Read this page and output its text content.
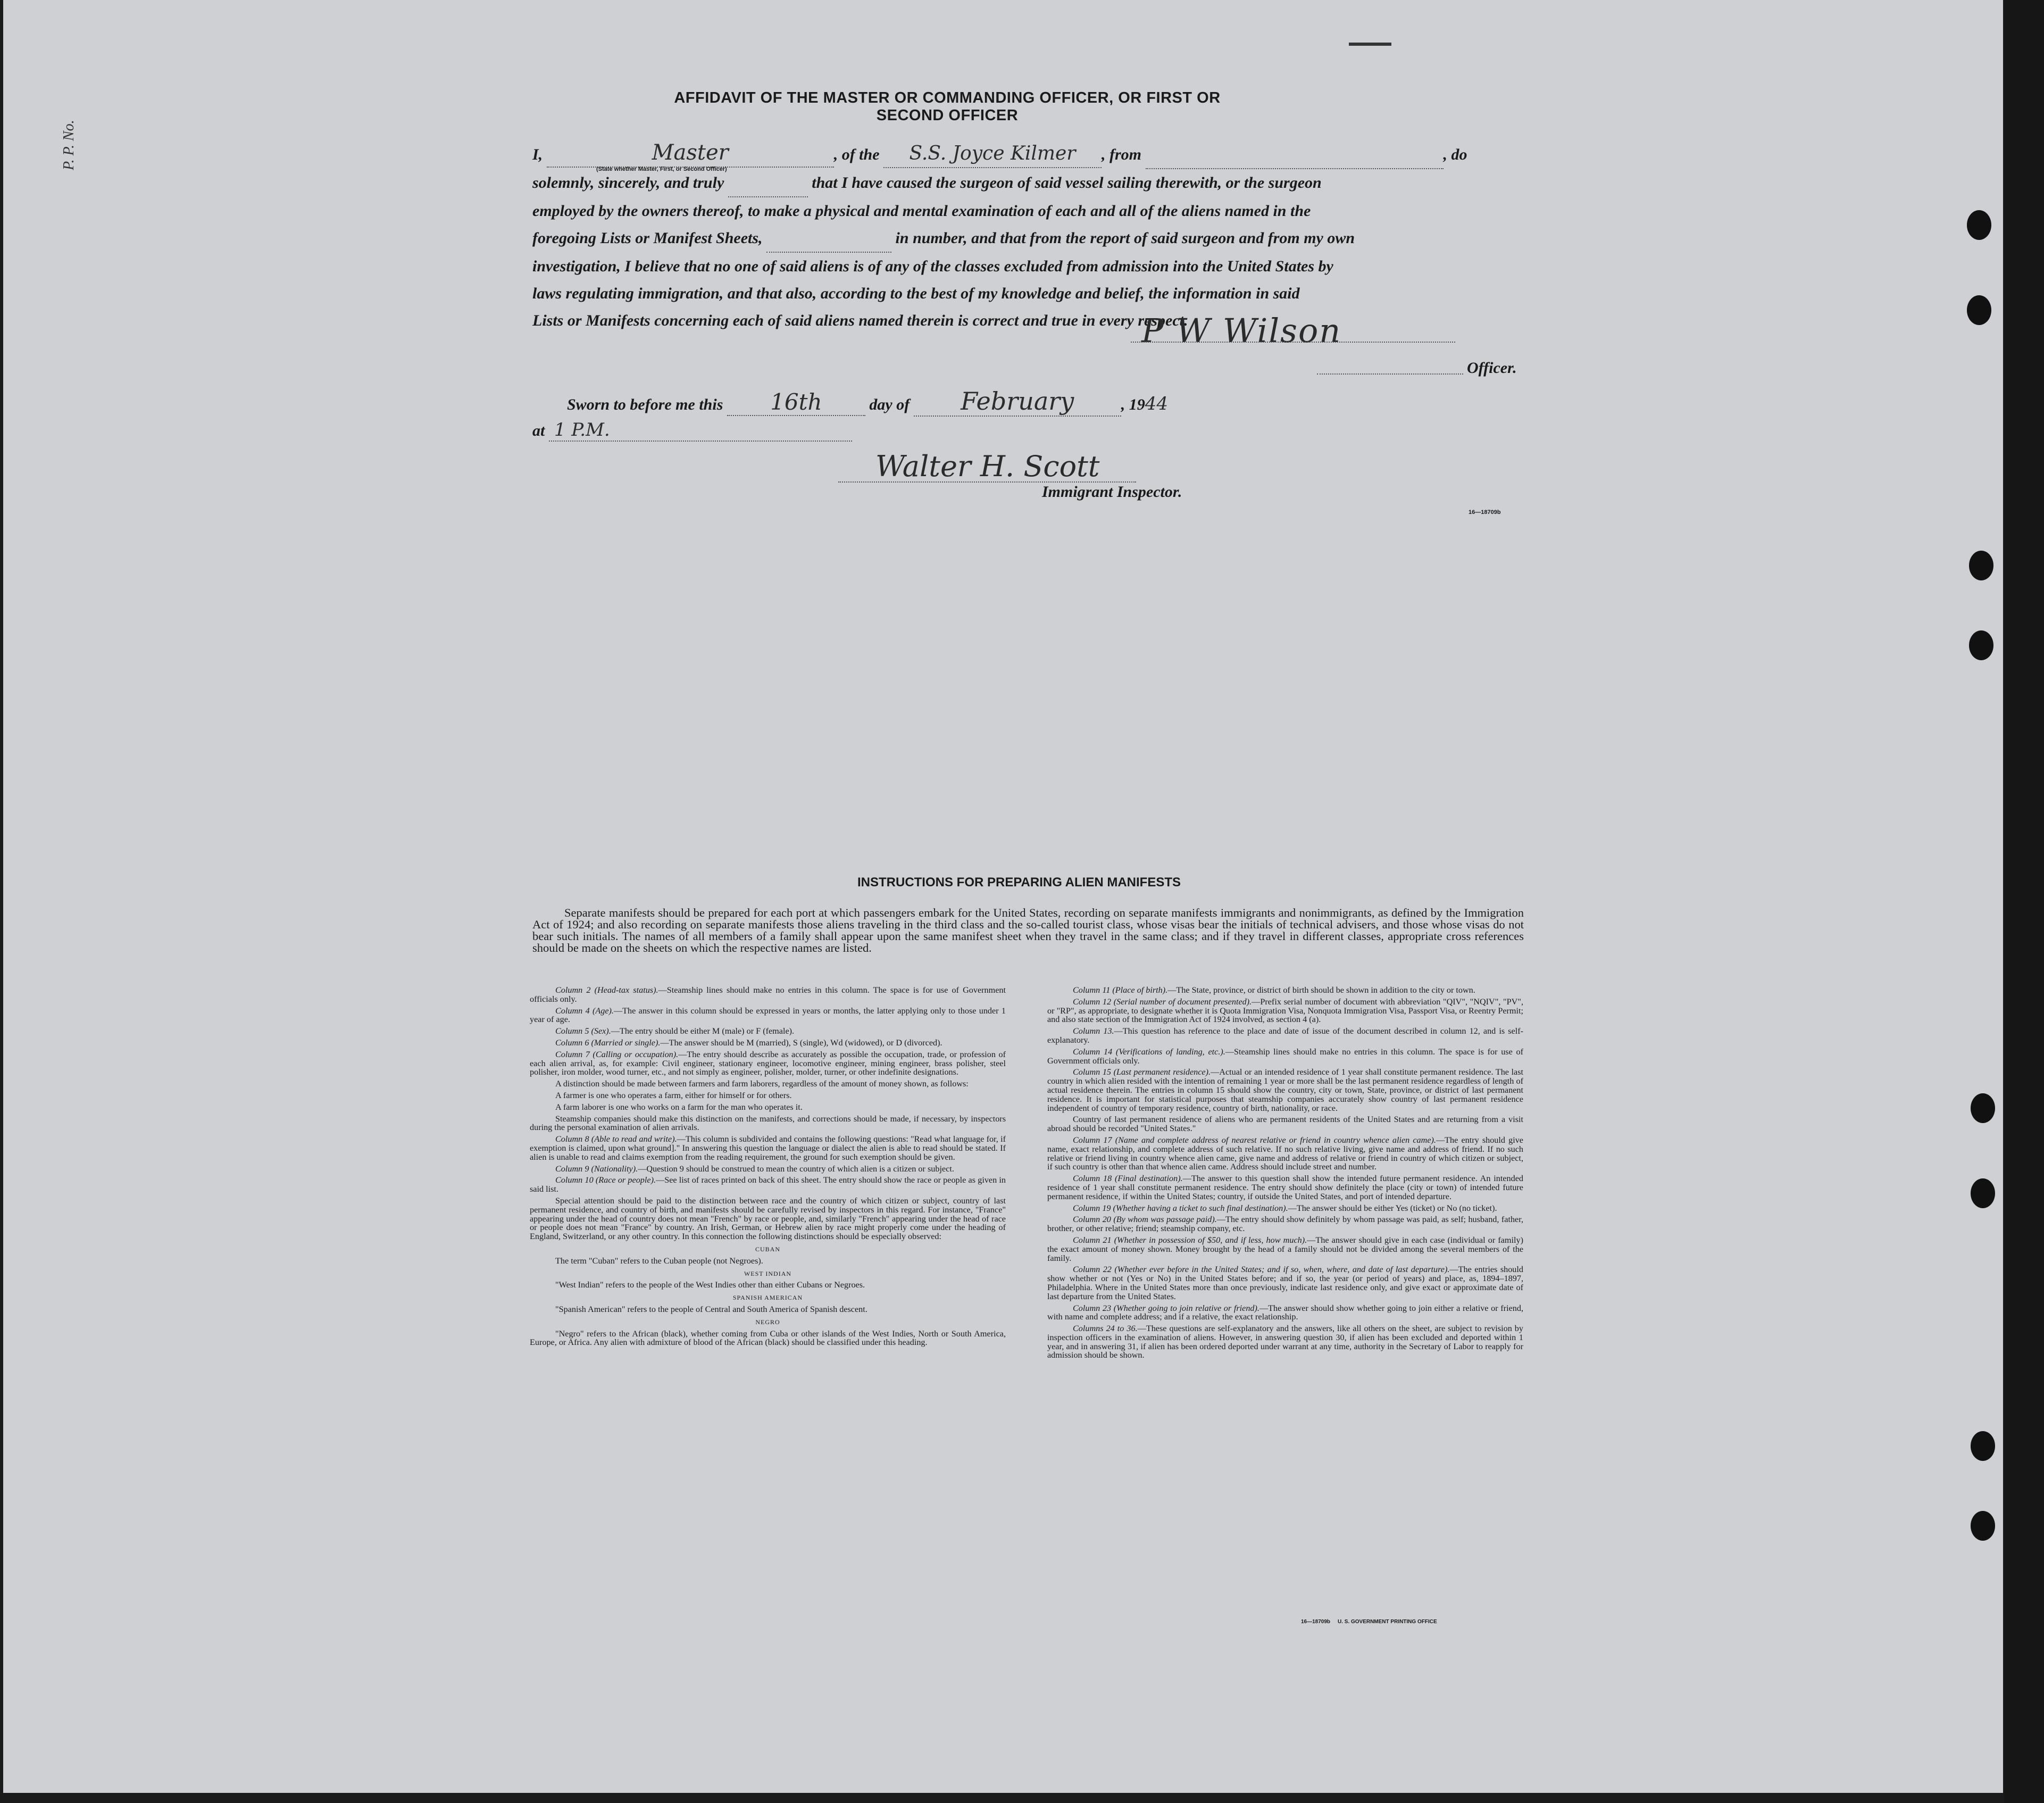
P. P. No.
AFFIDAVIT OF THE MASTER OR COMMANDING OFFICER, OR FIRST OR SECOND OFFICER
I,	Master	, of the S.S. Joyce Kilmer , from	, do
solemnly, sincerely, and truly	that I have caused the surgeon of said vessel sailing therewith, or the surgeon
employed by the owners thereof, to make a physical and mental examination of each and all of the aliens named in the
foregoing Lists or Manifest Sheets,	in number, and that from the report of said surgeon and from my own
investigation, I believe that no one of said aliens is of any of the classes excluded from admission into the United States by
laws regulating immigration, and that also, according to the best of my knowledge and belief, the information in said
Lists or Manifests concerning each of said aliens named therein is correct and true in every respect.
(State whether Master, First, or Second Officer)
P W Wilson
Officer.
Sworn to before me this 16th	day of February	, 1944
at 1 P.M.
Walter H. Scott
Immigrant Inspector.
16—18709b
INSTRUCTIONS FOR PREPARING ALIEN MANIFESTS
Separate manifests should be prepared for each port at which passengers embark for the United States, recording on separate manifests immigrants and nonimmigrants, as defined by the Immigration Act of 1924; and also recording on separate manifests those aliens traveling in the third class and the so-called tourist class, whose visas bear the initials of technical advisers, and those whose visas do not bear such initials. The names of all members of a family shall appear upon the same manifest sheet when they travel in the same class; and if they travel in different classes, appropriate cross references should be made on the sheets on which the respective names are listed.

Column 2 (Head-tax status).—Steamship lines should make no entries in this column. The space is for use of Government officials only.

Column 4 (Age).—The answer in this column should be expressed in years or months, the latter applying only to those under 1 year of age.

Column 5 (Sex).—The entry should be either M (male) or F (female).

Column 6 (Married or single).—The answer should be M (married), S (single), Wd (widowed), or D (divorced).

Column 7 (Calling or occupation).—The entry should describe as accurately as possible the occupation, trade, or profession of each alien arrival, as, for example: Civil engineer, stationary engineer, locomotive engineer, mining engineer, brass polisher, steel polisher, iron molder, wood turner, etc., and not simply as engineer, polisher, molder, turner, or other indefinite designations.

A distinction should be made between farmers and farm laborers, regardless of the amount of money shown, as follows:

A farmer is one who operates a farm, either for himself or for others.

A farm laborer is one who works on a farm for the man who operates it.

Steamship companies should make this distinction on the manifests, and corrections should be made, if necessary, by inspectors during the personal examination of alien arrivals.

Column 8 (Able to read and write).—This column is subdivided and contains the following questions: "Read what language for, if exemption is claimed, upon what ground]." In answering this question the language or dialect the alien is able to read should be stated. If alien is unable to read and claims exemption from the reading requirement, the ground for such exemption should be given.

Column 9 (Nationality).—Question 9 should be construed to mean the country of which alien is a citizen or subject.

Column 10 (Race or people).—See list of races printed on back of this sheet. The entry should show the race or people as given in said list.

Special attention should be paid to the distinction between race and the country of which citizen or subject, country of last permanent residence, and country of birth, and manifests should be carefully revised by inspectors in this regard. For instance, "France" appearing under the head of country does not mean "French" by race or people, and, similarly "French" appearing under the head of race or people does not mean "France" by country. An Irish, German, or Hebrew alien by race might properly come under the heading of England, Switzerland, or any other country. In this connection the following distinctions should be especially observed:

CUBAN

The term "Cuban" refers to the Cuban people (not Negroes).

WEST INDIAN

"West Indian" refers to the people of the West Indies other than either Cubans or Negroes.

SPANISH AMERICAN

"Spanish American" refers to the people of Central and South America of Spanish descent.

NEGRO

"Negro" refers to the African (black), whether coming from Cuba or other islands of the West Indies, North or South America, Europe, or Africa. Any alien with admixture of blood of the African (black) should be classified under this heading.

Column 11 (Place of birth).—The State, province, or district of birth should be shown in addition to the city or town.

Column 12 (Serial number of document presented).—Prefix serial number of document with abbreviation "QIV", "NQIV", "PV", or "RP", as appropriate, to designate whether it is Quota Immigration Visa, Nonquota Immigration Visa, Passport Visa, or Reentry Permit; and also state section of the Immigration Act of 1924 involved, as section 4 (a).

Column 13.—This question has reference to the place and date of issue of the document described in column 12, and is self-explanatory.

Column 14 (Verifications of landing, etc.).—Steamship lines should make no entries in this column. The space is for use of Government officials only.

Column 15 (Last permanent residence).—Actual or an intended residence of 1 year shall constitute permanent residence. The last country in which alien resided with the intention of remaining 1 year or more shall be the last permanent residence regardless of length of actual residence therein. The entries in column 15 should show the country, city or town, State, province, or district of last permanent residence. It is important for statistical purposes that steamship companies accurately show country of last permanent residence independent of country of temporary residence, country of birth, nationality, or race.

Country of last permanent residence of aliens who are permanent residents of the United States and are returning from a visit abroad should be recorded "United States."

Column 17 (Name and complete address of nearest relative or friend in country whence alien came).—The entry should give name, exact relationship, and complete address of such relative. If no such relative living, give name and address of friend. If no such relative or friend living in country whence alien came, give name and address of relative or friend in country of which citizen or subject, if such country is other than that whence alien came. Address should include street and number.

Column 18 (Final destination).—The answer to this question shall show the intended future permanent residence. An intended residence of 1 year shall constitute permanent residence. The entry should show definitely the place (city or town) of intended future permanent residence, if within the United States; country, if outside the United States, and port of intended departure.

Column 19 (Whether having a ticket to such final destination).—The answer should be either Yes (ticket) or No (no ticket).

Column 20 (By whom was passage paid).—The entry should show definitely by whom passage was paid, as self; husband, father, brother, or other relative; friend; steamship company, etc.

Column 21 (Whether in possession of $50, and if less, how much).—The answer should give in each case (individual or family) the exact amount of money shown. Money brought by the head of a family should not be divided among the several members of the family.

Column 22 (Whether ever before in the United States; and if so, when, where, and date of last departure).—The entries should show whether or not (Yes or No) in the United States before; and if so, the year (or period of years) and place, as, 1894–1897, Philadelphia. Where in the United States more than once previously, indicate last residence only, and give exact or approximate date of last departure from the United States.

Column 23 (Whether going to join relative or friend).—The answer should show whether going to join either a relative or friend, with name and complete address; and if a relative, the exact relationship.

Columns 24 to 36.—These questions are self-explanatory and the answers, like all others on the sheet, are subject to revision by inspection officers in the examination of aliens. However, in answering question 30, if alien has been excluded and deported within 1 year, and in answering 31, if alien has been ordered deported under warrant at any time, authority in the Secretary of Labor to reapply for admission should be shown.

16—18709b U. S. GOVERNMENT PRINTING OFFICE
